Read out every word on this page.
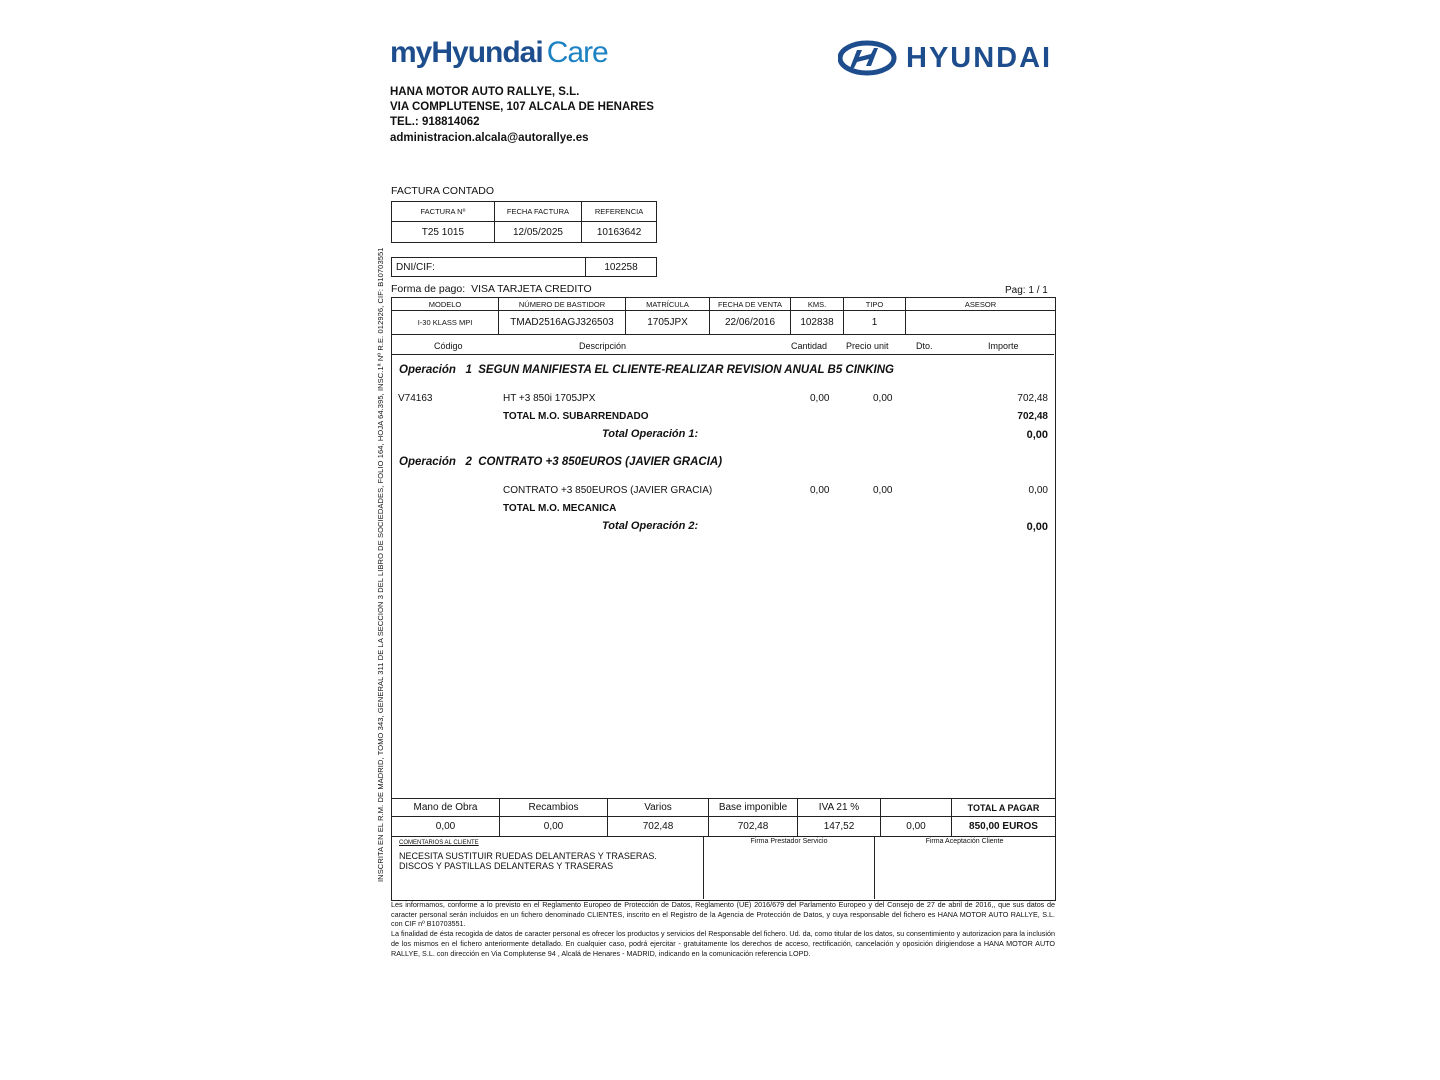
myHyundai Care	HYUNDAI
HANA MOTOR AUTO RALLYE, S.L.
VIA COMPLUTENSE, 107 ALCALA DE HENARES
TEL.: 918814062
administracion.alcala@autorallye.es
FACTURA CONTADO
FACTURA Nº	FECHA FACTURA	REFERENCIA
T25 1015	12/05/2025	10163642
DNI/CIF:	102258
Forma de pago: VISA TARJETA CREDITO	Pag: 1 / 1
INSCRITA EN EL R.M. DE MADRID, TOMO 343, GENERAL 311 DE LA SECCION 3 DEL LIBRO DE SOCIEDADES, FOLIO 164, HOJA 64.395, INSC.1ª Nº R.E. 012926, CIF: B10703551	MODELO	NÚMERO DE BASTIDOR	MATRÍCULA	FECHA DE VENTA	KMS.	TIPO	ASESOR
I-30 KLASS MPI	TMAD2516AGJ326503	1705JPX	22/06/2016	102838	1	
Código	Descripción	Cantidad Precio unit	Dto.	Importe
Operación   1  SEGUN MANIFIESTA EL CLIENTE-REALIZAR REVISION ANUAL B5 CINKING
V74163	HT +3 850i 1705JPX	0,00	0,00	702,48
TOTAL M.O. SUBARRENDADO	702,48
Total Operación 1:	0,00
Operación   2  CONTRATO +3 850EUROS (JAVIER GRACIA)
CONTRATO +3 850EUROS (JAVIER GRACIA)	0,00	0,00	0,00
TOTAL M.O. MECANICA
Total Operación 2:	0,00
Mano de Obra	Recambios	Varios	Base imponible	IVA 21 %		TOTAL A PAGAR
0,00	0,00	702,48	702,48	147,52	0,00	850,00 EUROS
COMENTARIOS AL CLIENTE
NECESITA SUSTITUIR RUEDAS DELANTERAS Y TRASERAS.
DISCOS Y PASTILLAS DELANTERAS Y TRASERAS
Firma Prestador Servicio	Firma Aceptación Cliente
Les informamos, conforme a lo previsto en el Reglamento Europeo de Protección de Datos, Reglamento (UE) 2016/679 del Parlamento Europeo y del Consejo de 27 de abril de 2016,, que sus datos de caracter personal serán incluidos en un fichero denominado CLIENTES, inscrito en el Registro de la Agencia de Protección de Datos, y cuya responsable del fichero es HANA MOTOR AUTO RALLYE, S.L. con CIF nº B10703551.
La finalidad de ésta recogida de datos de caracter personal es ofrecer los productos y servicios del Responsable del fichero. Ud. da, como titular de los datos, su consentimiento y autorizacion para la inclusión de los mismos en el fichero anteriormente detallado. En cualquier caso, podrá ejercitar - gratuitamente los derechos de acceso, rectificación, cancelación y oposición dirigiendose a HANA MOTOR AUTO RALLYE, S.L. con dirección en Via Complutense 94 , Alcalá de Henares - MADRID, indicando en la comunicación referencia LOPD.
